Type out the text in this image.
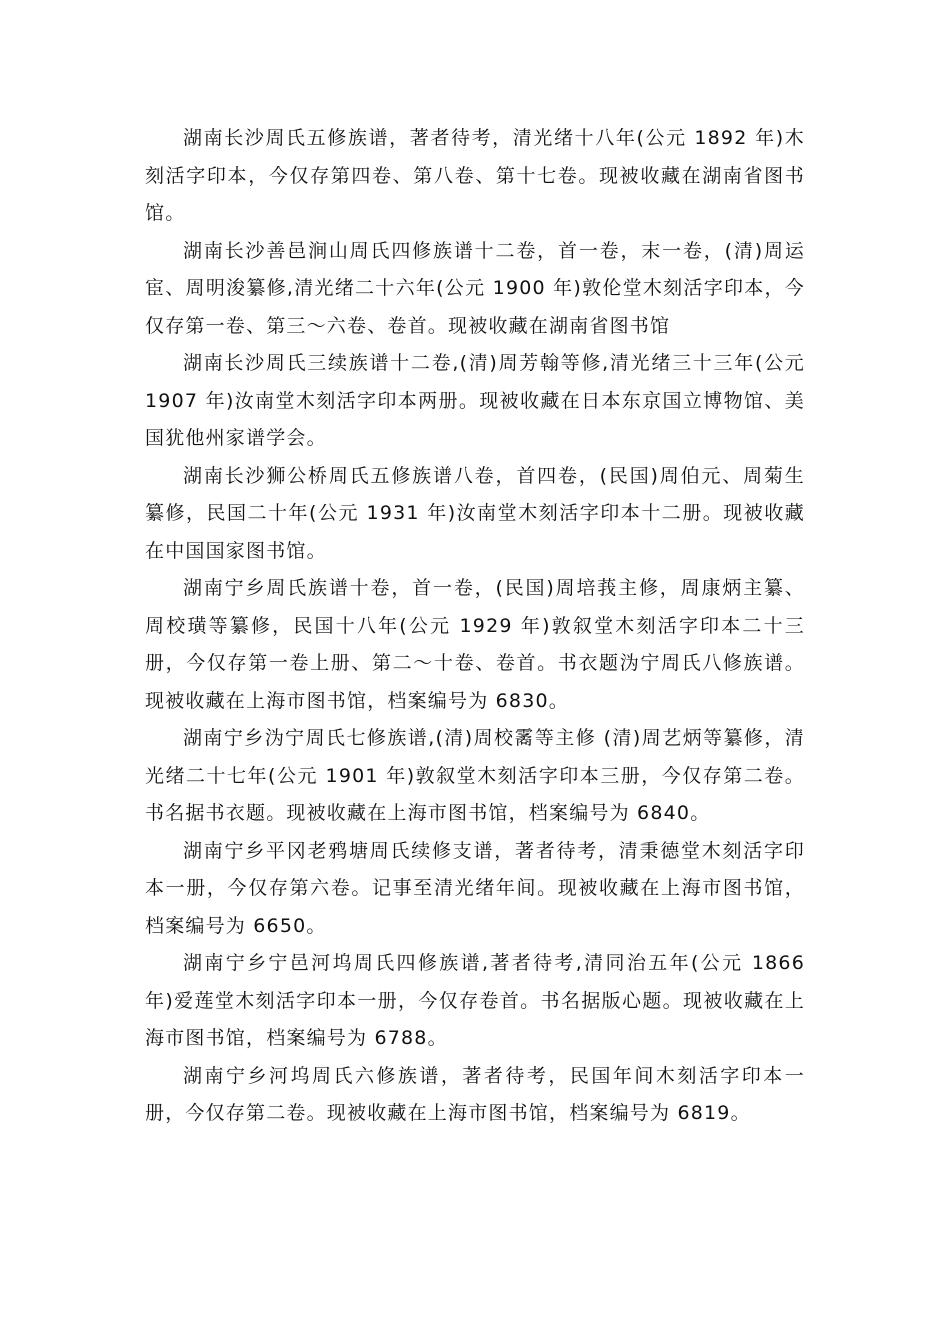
湖南长沙周氏五修族谱，著者待考，清光绪十八年(公元 1892 年)木刻活字印本，今仅存第四卷、第八卷、第十七卷。现被收藏在湖南省图书馆。

湖南长沙善邑涧山周氏四修族谱十二卷，首一卷，末一卷，(清)周运宦、周明浚纂修,清光绪二十六年(公元 1900 年)敦伦堂木刻活字印本，今仅存第一卷、第三～六卷、卷首。现被收藏在湖南省图书馆

湖南长沙周氏三续族谱十二卷,(清)周芳翰等修,清光绪三十三年(公元 1907 年)汝南堂木刻活字印本两册。现被收藏在日本东京国立博物馆、美国犹他州家谱学会。

湖南长沙狮公桥周氏五修族谱八卷，首四卷，(民国)周伯元、周菊生纂修，民国二十年(公元 1931 年)汝南堂木刻活字印本十二册。现被收藏在中国国家图书馆。

湖南宁乡周氏族谱十卷，首一卷，(民国)周培莪主修，周康炳主纂、周校璜等纂修，民国十八年(公元 1929 年)敦叙堂木刻活字印本二十三册，今仅存第一卷上册、第二～十卷、卷首。书衣题沩宁周氏八修族谱。现被收藏在上海市图书馆，档案编号为 6830。

湖南宁乡沩宁周氏七修族谱,(清)周校霱等主修 (清)周艺炳等纂修，清光绪二十七年(公元 1901 年)敦叙堂木刻活字印本三册，今仅存第二卷。书名据书衣题。现被收藏在上海市图书馆，档案编号为 6840。

湖南宁乡平冈老鸦塘周氏续修支谱，著者待考，清秉德堂木刻活字印本一册，今仅存第六卷。记事至清光绪年间。现被收藏在上海市图书馆，档案编号为 6650。

湖南宁乡宁邑河坞周氏四修族谱,著者待考,清同治五年(公元 1866 年)爱莲堂木刻活字印本一册，今仅存卷首。书名据版心题。现被收藏在上海市图书馆，档案编号为 6788。

湖南宁乡河坞周氏六修族谱，著者待考，民国年间木刻活字印本一册，今仅存第二卷。现被收藏在上海市图书馆，档案编号为 6819。
